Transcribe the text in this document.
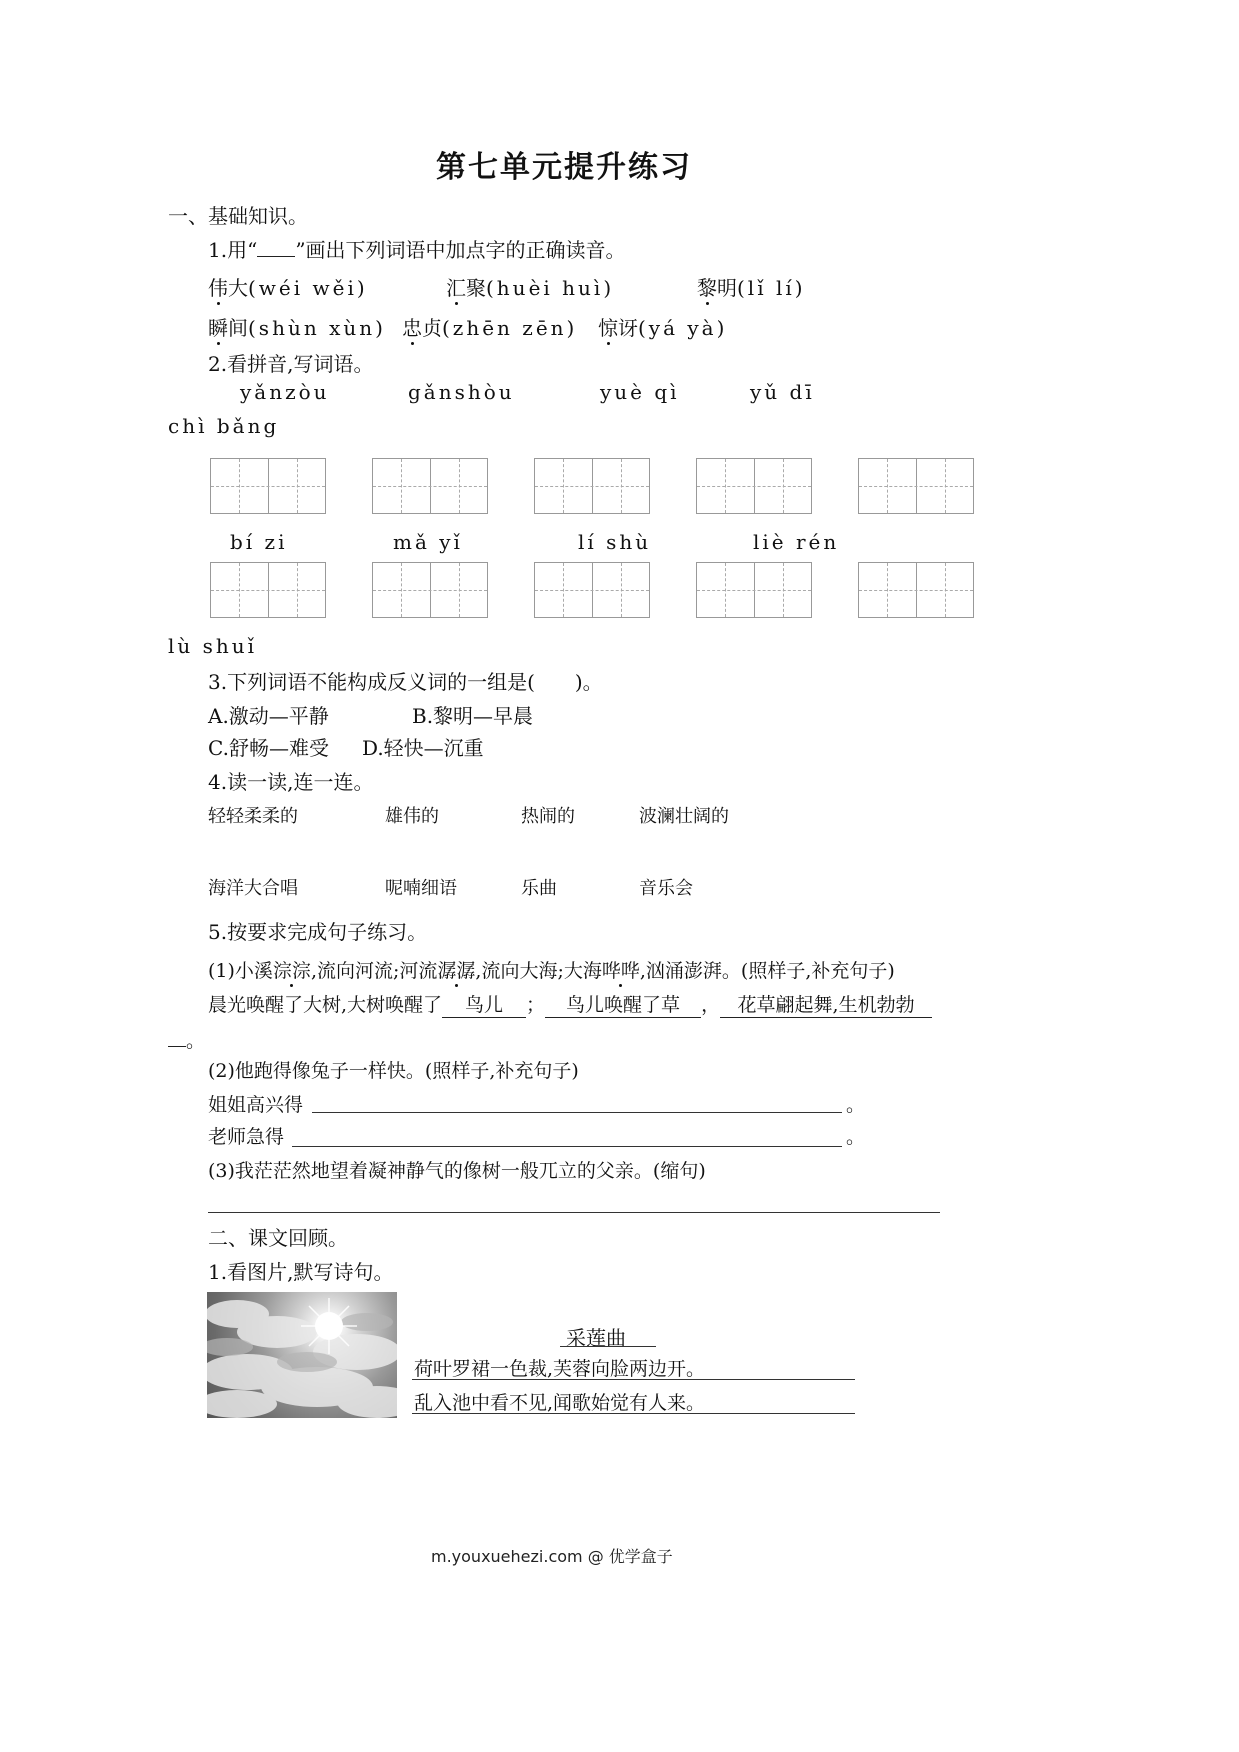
第七单元提升练习
一、基础知识。
1.用“ ”画出下列词语中加点字的正确读音。
伟大(wéi wěi)	汇聚(huèi huì)	黎明(lǐ lí)
瞬间(shùn xùn) 忠贞(zhēn zēn) 惊讶(yá yà)
2.看拼音,写词语。
yǎnzòu	gǎnshòu	yuè qì	yǔ dī
chì bǎng
bí zi	mǎ yǐ	lí shù	liè rén
lù shuǐ
3.下列词语不能构成反义词的一组是(　　)。
A.激动—平静	B.黎明—早晨
C.舒畅—难受 D.轻快—沉重
4.读一读,连一连。
轻轻柔柔的	雄伟的	热闹的	波澜壮阔的
海洋大合唱	呢喃细语	乐曲	音乐会
5.按要求完成句子练习。
(1)小溪淙淙,流向河流;河流潺潺,流向大海;大海哗哗,汹涌澎湃。(照样子,补充句子)
晨光唤醒了大树,大树唤醒了 鸟儿 ； 鸟儿唤醒了草 ， 花草翩起舞,生机勃勃
。
(2)他跑得像兔子一样快。(照样子,补充句子)
姐姐高兴得	。
老师急得	。
(3)我茫茫然地望着凝神静气的像树一般兀立的父亲。(缩句)
二、课文回顾。
1.看图片,默写诗句。
采莲曲
荷叶罗裙一色裁,芙蓉向脸两边开。
乱入池中看不见,闻歌始觉有人来。
m.youxuehezi.com @ 优学盒子
